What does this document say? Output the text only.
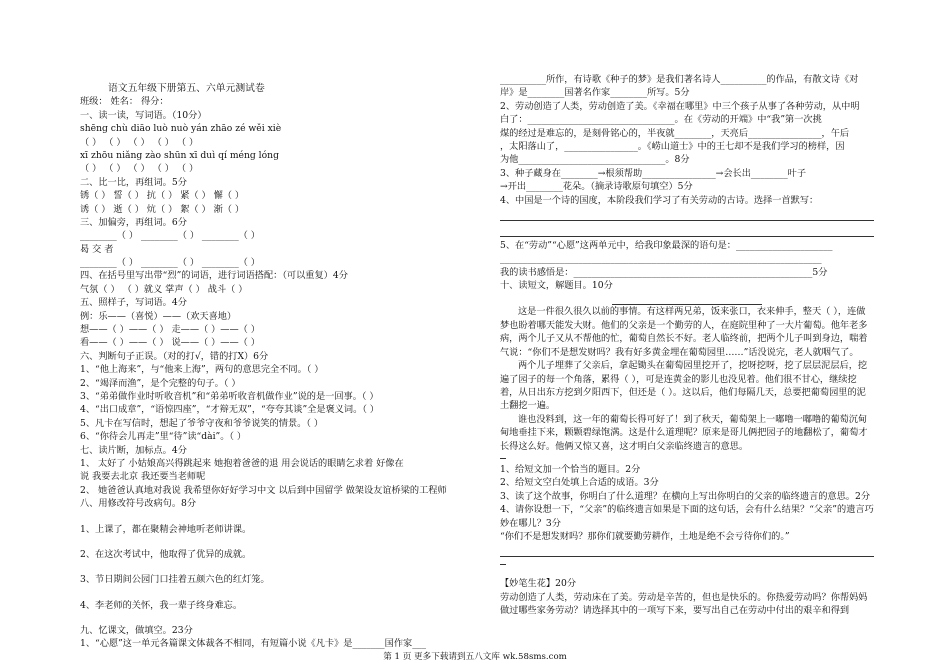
语文五年级下册第五、六单元测试卷
班级： 姓名： 得分：
一、读一读，写词语。（10分）
shēng chù diāo luò nuò yán zhāo zé wěi xiè
（ ） （ ） （ ） （ ） （ ）
xī zhōu niǎng zào shūn xī duì qí méng lóng
（ ） （ ） （ ） （ ） （ ）
二、比一比，再组词。5分
锈（ ） 誓（ ） 抗（ ） 紧（ ） 懈（ ）
诱（ ） 逝（ ） 炕（ ） 絮（ ） 渐（ ）
三、加偏旁，再组词。6分
________（ ） ________（ ） ________（ ）
曷 交 者
________（ ） ________（ ） ________（ ）
四、在括号里写出带“烈”的词语，进行词语搭配：（可以重复）4分
气氛（ ） （ ）就义 掌声（ ） 战斗（ ）
五、照样子，写词语。4分
例：乐——（喜悦）——（欢天喜地）
想——（ ）——（ ） 走——（ ）——（ ）
看——（ ）——（ ） 说——（ ）——（ ）
六、判断句子正误。（对的打√，错的打X）6分
1、“他上海来”，与“他来上海”，两句的意思完全不同。（ ）
2、“竭泽而渔”，是个完整的句子。（ ）
3、“弟弟做作业时听收音机”和“弟弟听收音机做作业”说的是一回事。（ ）
4、“出口成章”，“语惊四座”，“才辩无双”，“夸夸其谈”全是褒义词。（ ）
5、凡卡在写信时，想起了爷爷守夜和爷爷说笑的情景。（ ）
6、“你待会儿再走”里“待”读“dài”。（ ）
七、读片断，加标点。4分
1、 太好了 小姑娘高兴得跳起来 她抱着爸爸的退 用会说话的眼睛乞求着 好像在
说 我要去北京 我还要当老师呢
2、 她爸爸认真地对我说 我希望你好好学习中文 以后到中国留学 做架设友谊桥梁的工程师
八、用修改符号改病句。8分
1、上课了，都在聚精会神地听老师讲课。
2、在这次考试中，他取得了优异的成就。
3、节日期间公园门口挂着五颜六色的红灯笼。
4、李老师的关怀，我一辈子终身难忘。
九、忆课文，做填空。23分
1、“心愿”这一单元各篇课文体裁各不相同，有短篇小说《凡卡》是_______国作家___
__________所作，有诗歌《种子的梦》是我们著名诗人__________的作品，有散文诗《对
岸》是________国著名作家________所写。5分
2、劳动创造了人类，劳动创造了美。《幸福在哪里》中三个孩子从事了各种劳动，从中明
白了：________________________________。在《劳动的开端》中“我”第一次挑
煤的经过是难忘的，是刻骨铭心的，半夜就________，天亮后________________，午后
，太阳落山了，________________。《崂山道士》中的王七却不是我们学习的榜样，因
为他________________________________。8分
3、种子藏身在________→根须帮助________________→会长出________叶子
→开出________花朵。（摘录诗歌原句填空）5分
4、中国是一个诗的国度，本阶段我们学习了有关劳动的古诗。选择一首默写：
5、在“劳动”“心愿”这两单元中，给我印象最深的语句是：_____________________
______________________________________________________________________
我的读书感悟是：____________________________________________________5分
十、读短文，解题目。10分
这是一件很久很久以前的事情。有这样两兄弟，饭来张口，衣来伸手，整天（ ），连做梦也盼着哪天能发大财。他们的父亲是一个勤劳的人，在庭院里种了一大片葡萄。他年老多病，两个儿子又从不帮他的忙，葡萄自然长不好。老人临终前，把两个儿子叫到身边，喘着气说：“你们不是想发财吗？我有好多黄金埋在葡萄园里……”话没说完，老人就咽气了。
两个儿子埋葬了父亲后，拿起锄头在葡萄园里挖开了，挖呀挖呀，挖了层层泥层后，挖遍了园子的每一个角落，累得（ ），可是连黄金的影儿也没见着。他们很不甘心，继续挖着，从日出东方挖到夕阳西下，但还是（ ）。这以后，他们每隔几天，总要把葡萄园里的泥土翻挖一遍。
谁也没料到，这一年的葡萄长得可好了！到了秋天，葡萄架上一嘟噜一嘟噜的葡萄沉甸甸地垂挂下来，颗颗碧绿饱满。这是什么道理呢？原来是哥儿俩把园子的地翻松了，葡萄才长得这么好。他俩又惊又喜，这才明白父亲临终遗言的意思。
1、给短文加一个恰当的题目。2分
2、给短文空白处填上合适的成语。3分
3、读了这个故事，你明白了什么道理？在横向上写出你明白的父亲的临终遗言的意思。2分
4、请你设想一下，“父亲”的临终遗言如果是下面的这句话，会有什么结果？“父亲”的遗言巧妙在哪儿？3分
“你们不是想发财吗？那你们就要勤劳耕作，土地是绝不会亏待你们的。”
【妙笔生花】20分
劳动创造了人类，劳动床在了美。劳动是辛苦的，但也是快乐的。你热爱劳动吗？你帮妈妈做过哪些家务劳动？请选择其中的一项写下来，要写出自己在劳动中付出的艰辛和得到
第 1 页 更多下载请到五八文库 wk.58sms.com
